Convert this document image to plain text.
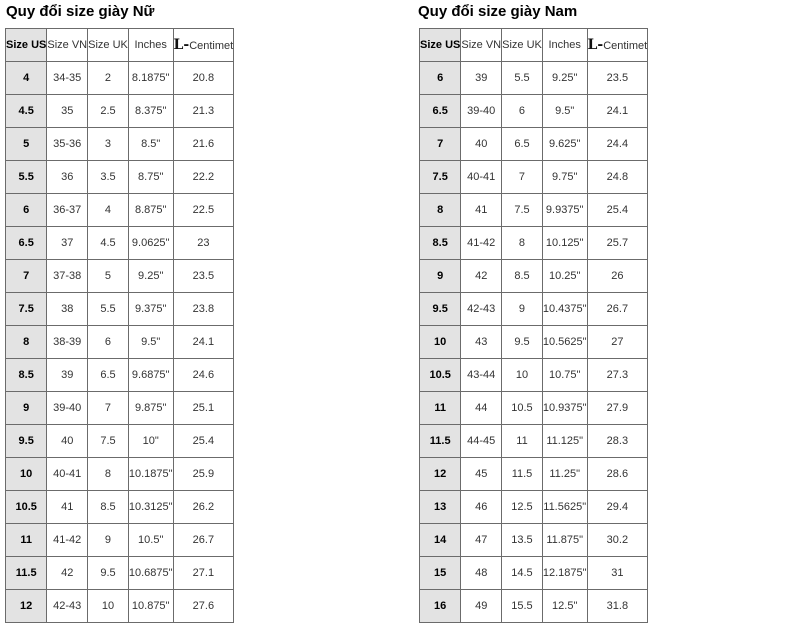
Quy đổi size giày Nữ
Size US	Size VN	Size UK	Inches	L-Centimet
4	34-35	2	8.1875"	20.8
4.5	35	2.5	8.375"	21.3
5	35-36	3	8.5"	21.6
5.5	36	3.5	8.75"	22.2
6	36-37	4	8.875"	22.5
6.5	37	4.5	9.0625"	23
7	37-38	5	9.25"	23.5
7.5	38	5.5	9.375"	23.8
8	38-39	6	9.5"	24.1
8.5	39	6.5	9.6875"	24.6
9	39-40	7	9.875"	25.1
9.5	40	7.5	10"	25.4
10	40-41	8	10.1875"	25.9
10.5	41	8.5	10.3125"	26.2
11	41-42	9	10.5"	26.7
11.5	42	9.5	10.6875"	27.1
12	42-43	10	10.875"	27.6
Quy đổi size giày Nam
Size US	Size VN	Size UK	Inches	L-Centimet
6	39	5.5	9.25"	23.5
6.5	39-40	6	9.5"	24.1
7	40	6.5	9.625"	24.4
7.5	40-41	7	9.75"	24.8
8	41	7.5	9.9375"	25.4
8.5	41-42	8	10.125"	25.7
9	42	8.5	10.25"	26
9.5	42-43	9	10.4375"	26.7
10	43	9.5	10.5625"	27
10.5	43-44	10	10.75"	27.3
11	44	10.5	10.9375"	27.9
11.5	44-45	11	11.125"	28.3
12	45	11.5	11.25"	28.6
13	46	12.5	11.5625"	29.4
14	47	13.5	11.875"	30.2
15	48	14.5	12.1875"	31
16	49	15.5	12.5"	31.8
